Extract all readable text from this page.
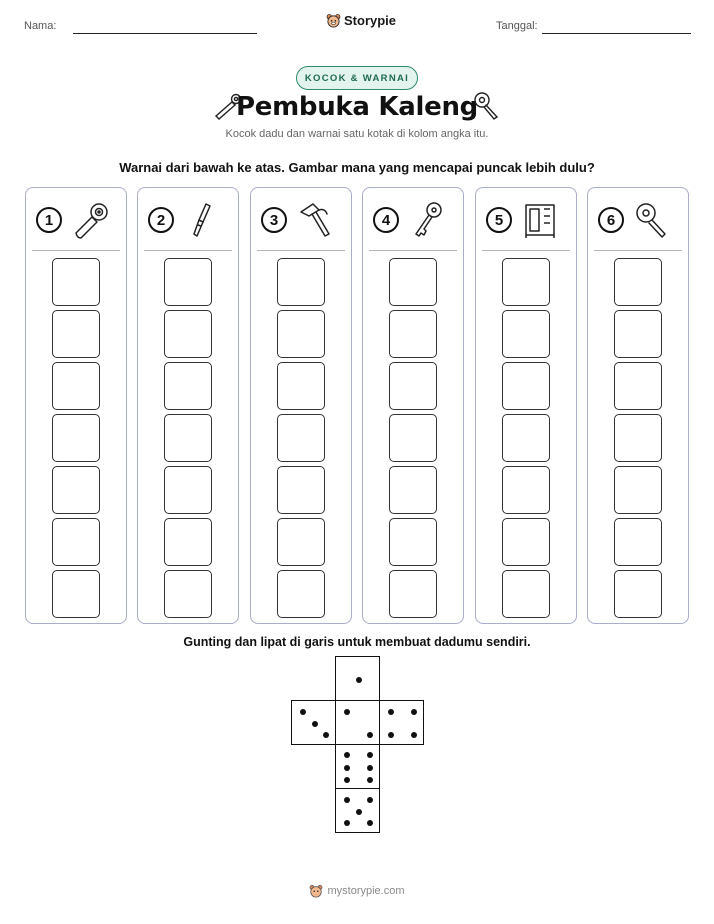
Nama:	Storypie	Tanggal:
KOCOK & WARNAI
Pembuka Kaleng
Kocok dadu dan warnai satu kotak di kolom angka itu.
Warnai dari bawah ke atas. Gambar mana yang mencapai puncak lebih dulu?
1	2	3	4	5	6
Gunting dan lipat di garis untuk membuat dadumu sendiri.
mystorypie.com
